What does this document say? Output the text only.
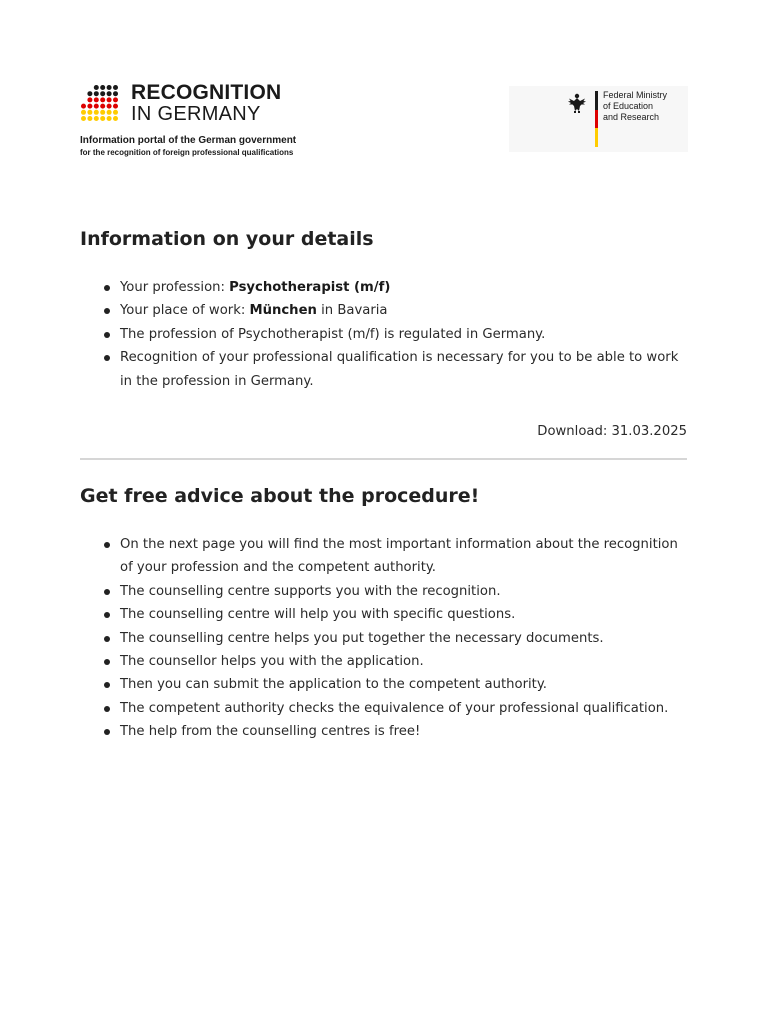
RECOGNITION
IN GERMANY
Information portal of the German government
for the recognition of foreign professional qualifications
Federal Ministry
of Education
and Research
Information on your details
Your profession: Psychotherapist (m/f)
Your place of work: München in Bavaria
The profession of Psychotherapist (m/f) is regulated in Germany.
Recognition of your professional qualification is necessary for you to be able to work in the profession in Germany.
Download: 31.03.2025
Get free advice about the procedure!
On the next page you will find the most important information about the recognition of your profession and the competent authority.
The counselling centre supports you with the recognition.
The counselling centre will help you with specific questions.
The counselling centre helps you put together the necessary documents.
The counsellor helps you with the application.
Then you can submit the application to the competent authority.
The competent authority checks the equivalence of your professional qualification.
The help from the counselling centres is free!
